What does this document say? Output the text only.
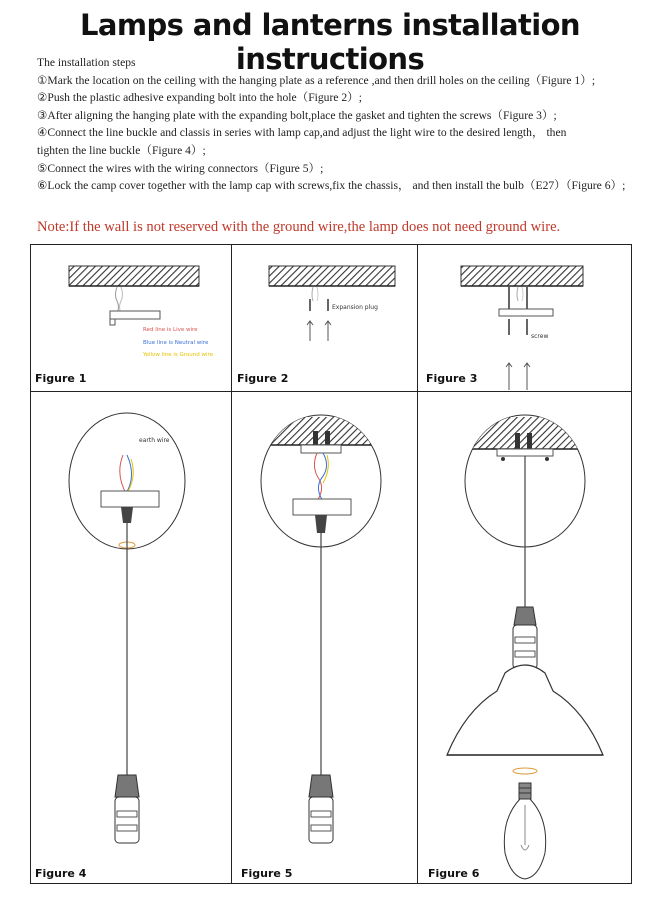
Lamps and lanterns installation instructions
The installation steps
①Mark the location on the ceiling with the hanging plate as a reference ,and then drill holes on the ceiling（Figure 1）;
②Push the plastic adhesive expanding bolt into the hole（Figure 2）;
③After aligning the hanging plate with the expanding bolt,place the gasket and tighten the screws（Figure 3）;
④Connect the line buckle and classis in series with lamp cap,and adjust the light wire to the desired length， then
tighten the line buckle（Figure 4）;
⑤Connect the wires with the wiring connectors（Figure 5）;
⑥Lock the camp cover together with the lamp cap with screws,fix the chassis， and then install the bulb（E27）（Figure 6）;
Note:If the wall is not reserved with the ground wire,the lamp does not need ground wire.
Red line is Live wire
Blue line is Neutral wire
Yellow line is Ground wire
Expansion plug
screw
earth wire
Figure 1	Figure 2	Figure 3
Figure 4	Figure 5	Figure 6
